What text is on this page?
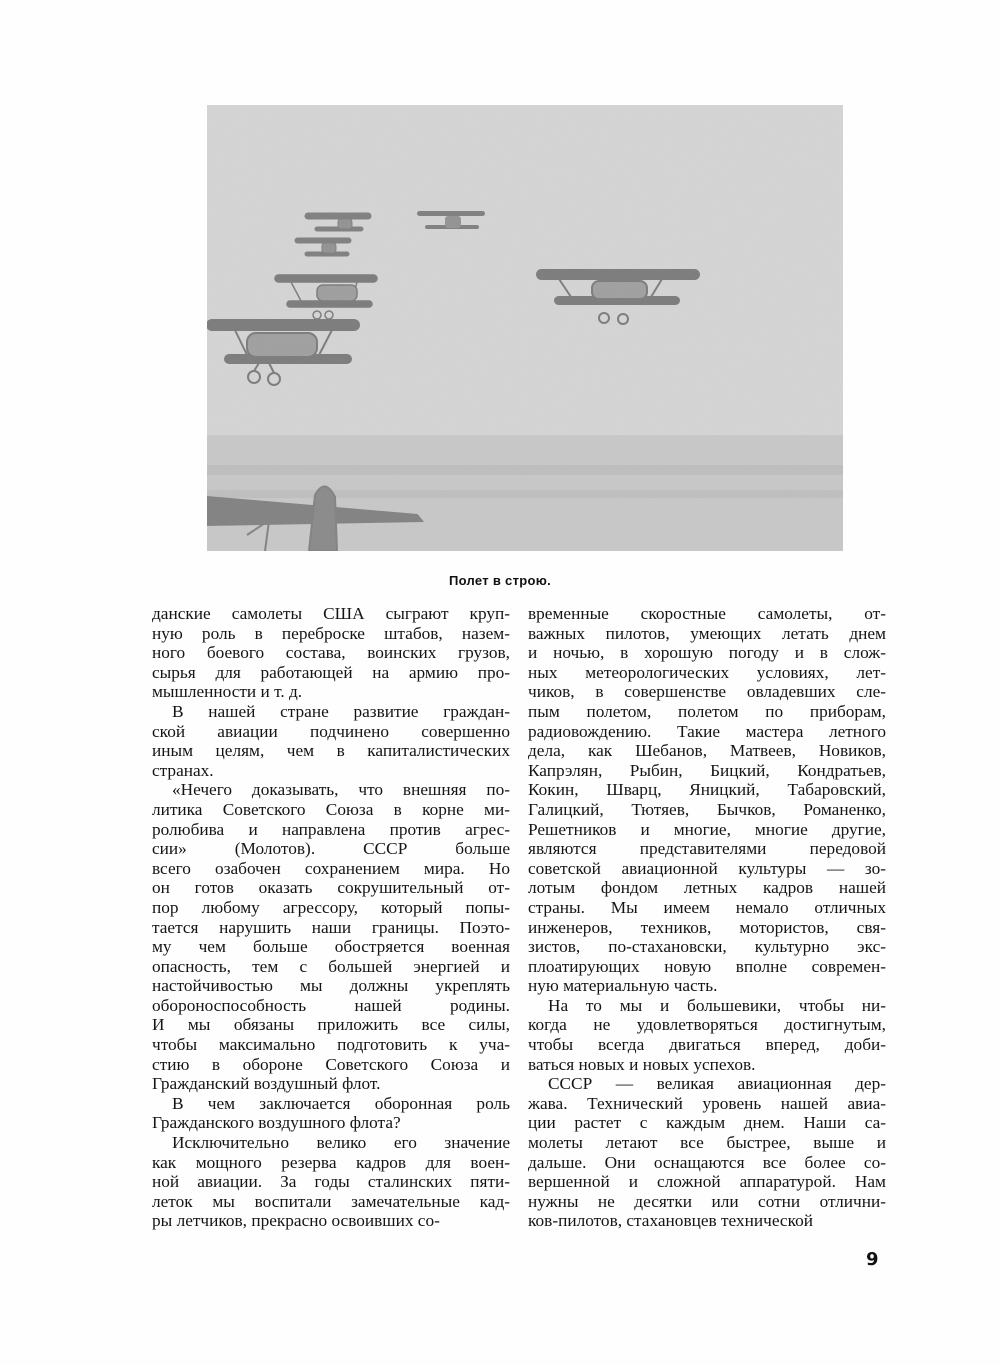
Полет в строю.

данские самолеты США сыграют круп-

ную роль в переброске штабов, назем-

ного боевого состава, воинских грузов,

сырья для работающей на армию про-

мышленности и т. д.

В нашей стране развитие граждан-

ской авиации подчинено совершенно

иным целям, чем в капиталистических

странах.

«Нечего доказывать, что внешняя по-

литика Советского Союза в корне ми-

ролюбива и направлена против агрес-

сии» (Молотов). СССР больше

всего озабочен сохранением мира. Но

он готов оказать сокрушительный от-

пор любому агрессору, который попы-

тается нарушить наши границы. Поэто-

му чем больше обостряется военная

опасность, тем с большей энергией и

настойчивостью мы должны укреплять

обороноспособность нашей родины.

И мы обязаны приложить все силы,

чтобы максимально подготовить к уча-

стию в обороне Советского Союза и

Гражданский воздушный флот.

В чем заключается оборонная роль

Гражданского воздушного флота?

Исключительно велико его значение

как мощного резерва кадров для воен-

ной авиации. За годы сталинских пяти-

леток мы воспитали замечательные кад-

ры летчиков, прекрасно освоивших со-

временные скоростные самолеты, от-

важных пилотов, умеющих летать днем

и ночью, в хорошую погоду и в слож-

ных метеорологических условиях, лет-

чиков, в совершенстве овладевших сле-

пым полетом, полетом по приборам,

радиовождению. Такие мастера летного

дела, как Шебанов, Матвеев, Новиков,

Капрэлян, Рыбин, Бицкий, Кондратьев,

Кокин, Шварц, Яницкий, Табаровский,

Галицкий, Тютяев, Бычков, Романенко,

Решетников и многие, многие другие,

являются представителями передовой

советской авиационной культуры — зо-

лотым фондом летных кадров нашей

страны. Мы имеем немало отличных

инженеров, техников, мотористов, свя-

зистов, по-стахановски, культурно экс-

плоатирующих новую вполне современ-

ную материальную часть.

На то мы и большевики, чтобы ни-

когда не удовлетворяться достигнутым,

чтобы всегда двигаться вперед, доби-

ваться новых и новых успехов.

СССР — великая авиационная дер-

жава. Технический уровень нашей авиа-

ции растет с каждым днем. Наши са-

молеты летают все быстрее, выше и

дальше. Они оснащаются все более со-

вершенной и сложной аппаратурой. Нам

нужны не десятки или сотни отлични-

ков-пилотов, стахановцев технической

9
